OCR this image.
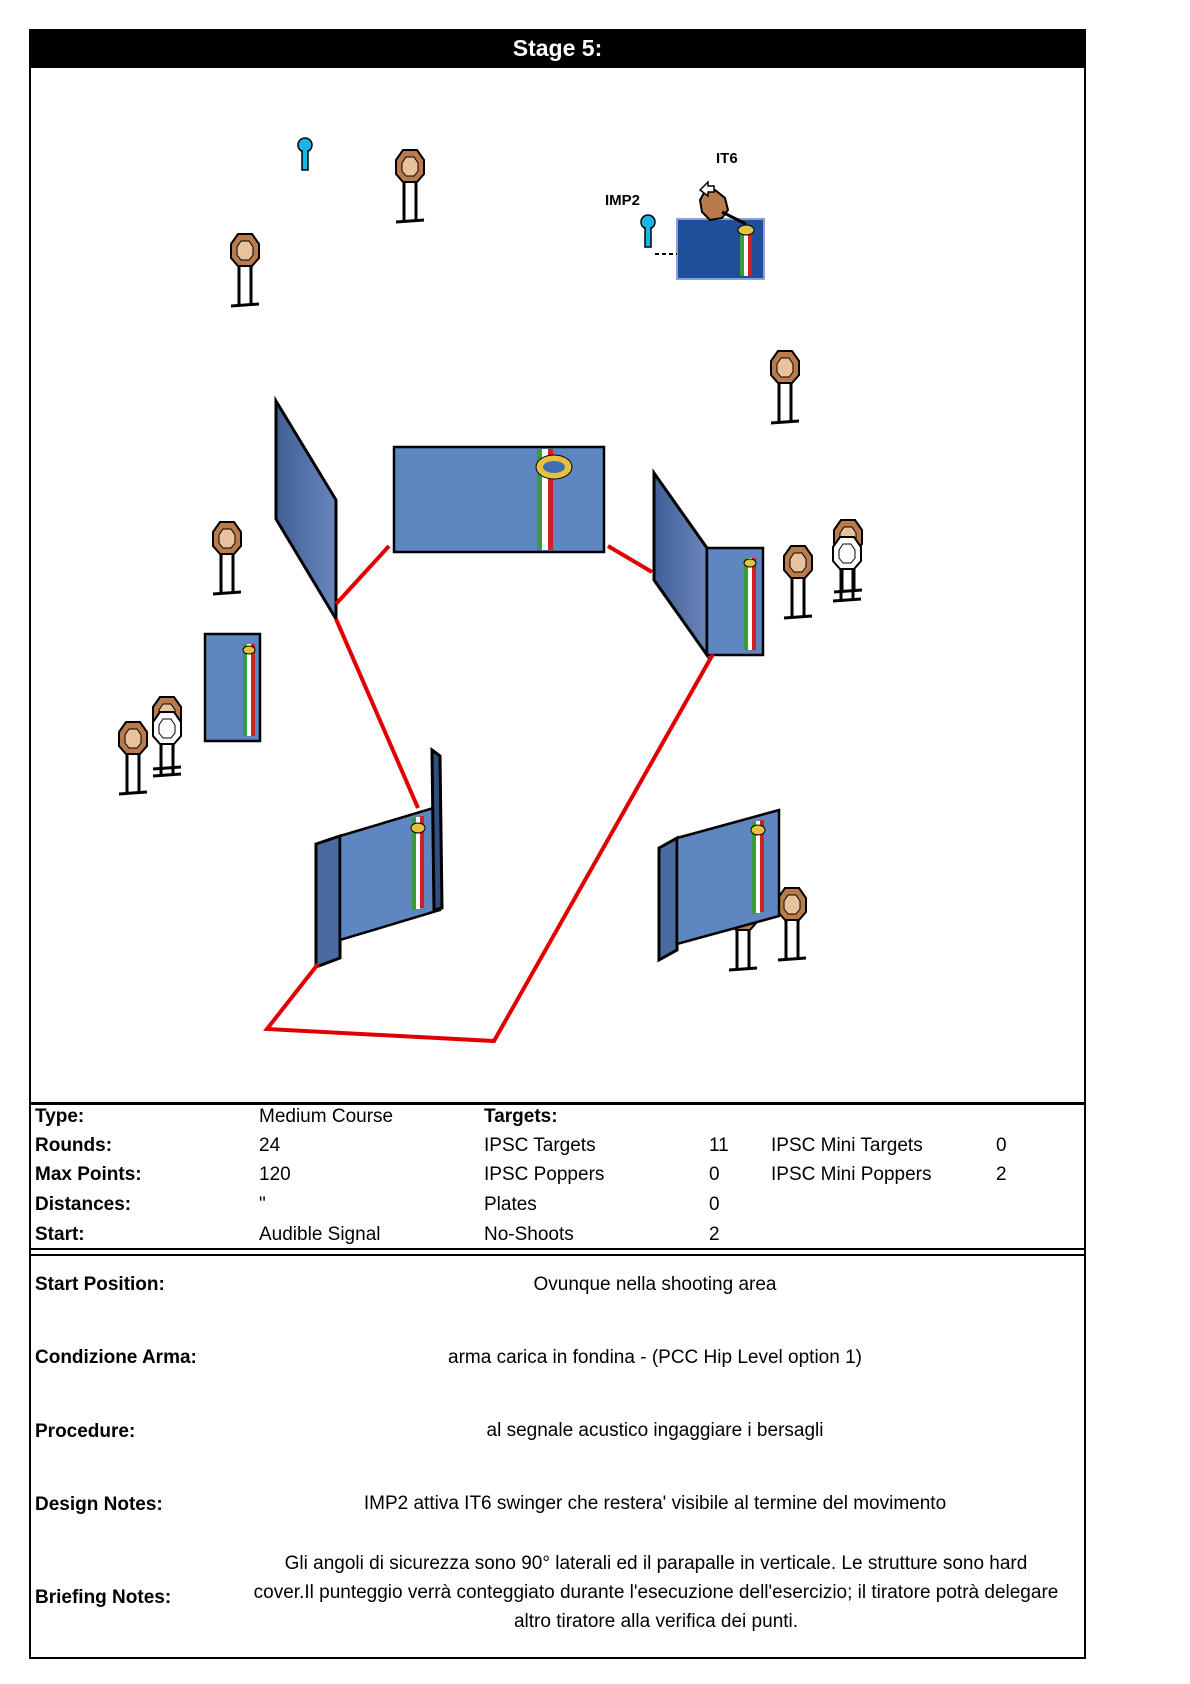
Stage 5:
IT6
IMP2
Type:	Medium Course	Targets:
Rounds:	24	IPSC Targets	11 IPSC Mini Targets	0
Max Points:	120	IPSC Poppers	0	IPSC Mini Poppers	2
Distances:	"	Plates	0
Start:	Audible Signal	No-Shoots	2
Start Position:	Ovunque nella shooting area
Condizione Arma:	arma carica in fondina - (PCC Hip Level option 1)
Procedure:	al segnale acustico ingaggiare i bersagli
Design Notes:	IMP2 attiva IT6 swinger che restera' visibile al termine del movimento
Briefing Notes:
Gli angoli di sicurezza sono 90° laterali ed il parapalle in verticale. Le strutture sono hard cover.Il punteggio verrà conteggiato durante l'esecuzione dell'esercizio; il tiratore potrà delegare altro tiratore alla verifica dei punti.
